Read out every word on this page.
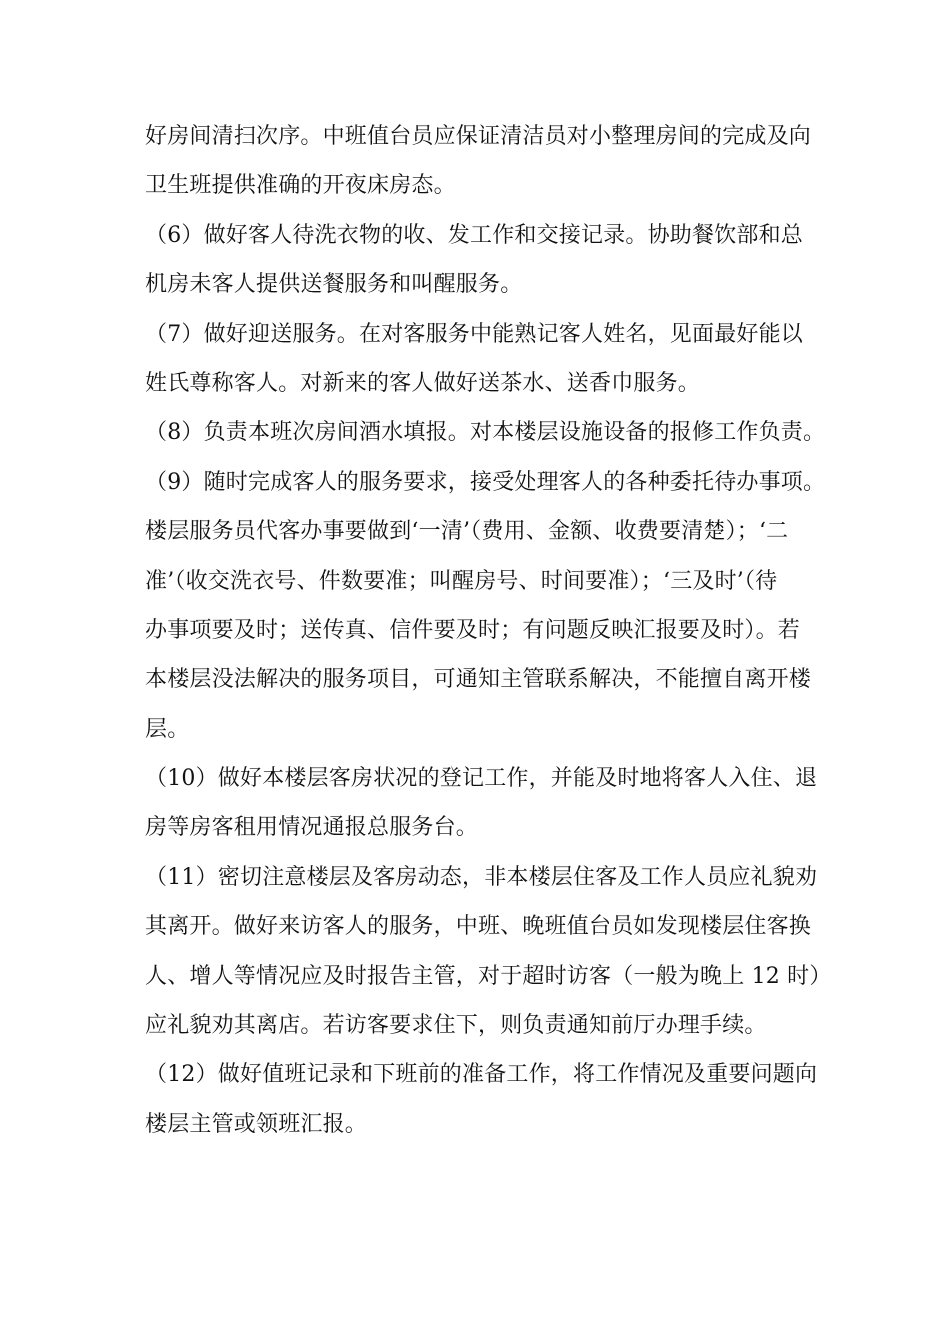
好房间清扫次序。中班值台员应保证清洁员对小整理房间的完成及向
卫生班提供准确的开夜床房态。
（6）做好客人待洗衣物的收、发工作和交接记录。协助餐饮部和总
机房未客人提供送餐服务和叫醒服务。
（7）做好迎送服务。在对客服务中能熟记客人姓名，见面最好能以
姓氏尊称客人。对新来的客人做好送茶水、送香巾服务。
（8）负责本班次房间酒水填报。对本楼层设施设备的报修工作负责。
（9）随时完成客人的服务要求，接受处理客人的各种委托待办事项。
楼层服务员代客办事要做到‘一清’（费用、金额、收费要清楚）；‘二
准’（收交洗衣号、件数要准；叫醒房号、时间要准）；‘三及时’（待
办事项要及时；送传真、信件要及时；有问题反映汇报要及时）。若
本楼层没法解决的服务项目，可通知主管联系解决，不能擅自离开楼
层。
（10）做好本楼层客房状况的登记工作，并能及时地将客人入住、退
房等房客租用情况通报总服务台。
（11）密切注意楼层及客房动态，非本楼层住客及工作人员应礼貌劝
其离开。做好来访客人的服务，中班、晚班值台员如发现楼层住客换
人、增人等情况应及时报告主管，对于超时访客（一般为晚上 12 时）
应礼貌劝其离店。若访客要求住下，则负责通知前厅办理手续。
（12）做好值班记录和下班前的准备工作，将工作情况及重要问题向
楼层主管或领班汇报。
